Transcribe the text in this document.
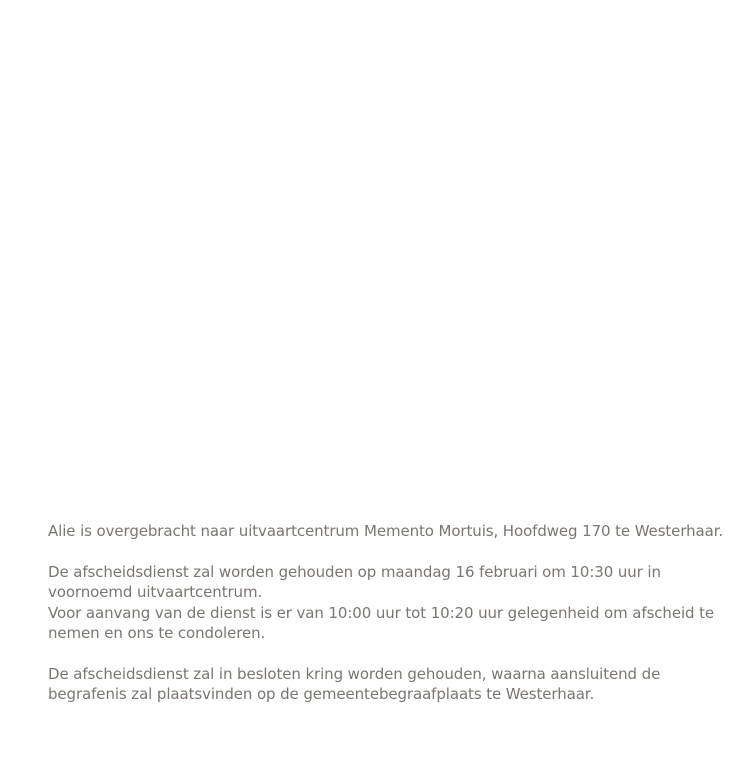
Alie is overgebracht naar uitvaartcentrum Memento Mortuis, Hoofdweg 170 te Westerhaar.

De afscheidsdienst zal worden gehouden op maandag 16 februari om 10:30 uur in
voornoemd uitvaartcentrum.
Voor aanvang van de dienst is er van 10:00 uur tot 10:20 uur gelegenheid om afscheid te
nemen en ons te condoleren.

De afscheidsdienst zal in besloten kring worden gehouden, waarna aansluitend de
begrafenis zal plaatsvinden op de gemeentebegraafplaats te Westerhaar.
